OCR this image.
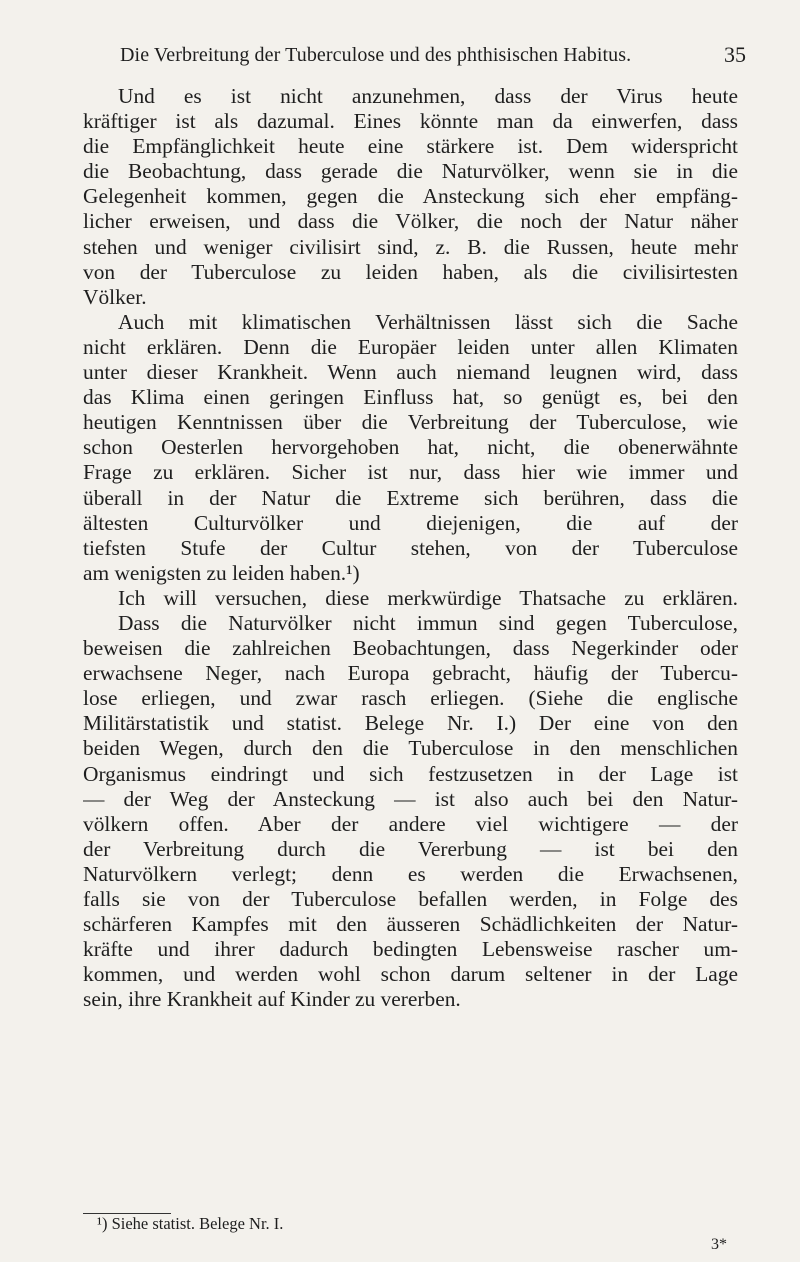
Die Verbreitung der Tuberculose und des phthisischen Habitus.	35
Und es ist nicht anzunehmen, dass der Virus heute
kräftiger ist als dazumal. Eines könnte man da einwerfen, dass
die Empfänglichkeit heute eine stärkere ist. Dem widerspricht
die Beobachtung, dass gerade die Naturvölker, wenn sie in die
Gelegenheit kommen, gegen die Ansteckung sich eher empfäng-
licher erweisen, und dass die Völker, die noch der Natur näher
stehen und weniger civilisirt sind, z. B. die Russen, heute mehr
von der Tuberculose zu leiden haben, als die civilisirtesten
Völker.
Auch mit klimatischen Verhältnissen lässt sich die Sache
nicht erklären. Denn die Europäer leiden unter allen Klimaten
unter dieser Krankheit. Wenn auch niemand leugnen wird, dass
das Klima einen geringen Einfluss hat, so genügt es, bei den
heutigen Kenntnissen über die Verbreitung der Tuberculose, wie
schon Oesterlen hervorgehoben hat, nicht, die obenerwähnte
Frage zu erklären. Sicher ist nur, dass hier wie immer und
überall in der Natur die Extreme sich berühren, dass die
ältesten Culturvölker und diejenigen, die auf der
tiefsten Stufe der Cultur stehen, von der Tuberculose
am wenigsten zu leiden haben.¹)
Ich will versuchen, diese merkwürdige Thatsache zu erklären.
Dass die Naturvölker nicht immun sind gegen Tuberculose,
beweisen die zahlreichen Beobachtungen, dass Negerkinder oder
erwachsene Neger, nach Europa gebracht, häufig der Tubercu-
lose erliegen, und zwar rasch erliegen. (Siehe die englische
Militärstatistik und statist. Belege Nr. I.) Der eine von den
beiden Wegen, durch den die Tuberculose in den menschlichen
Organismus eindringt und sich festzusetzen in der Lage ist
— der Weg der Ansteckung — ist also auch bei den Natur-
völkern offen. Aber der andere viel wichtigere — der
der Verbreitung durch die Vererbung — ist bei den
Naturvölkern verlegt; denn es werden die Erwachsenen,
falls sie von der Tuberculose befallen werden, in Folge des
schärferen Kampfes mit den äusseren Schädlichkeiten der Natur-
kräfte und ihrer dadurch bedingten Lebensweise rascher um-
kommen, und werden wohl schon darum seltener in der Lage
sein, ihre Krankheit auf Kinder zu vererben.
¹) Siehe statist. Belege Nr. I.
3*
